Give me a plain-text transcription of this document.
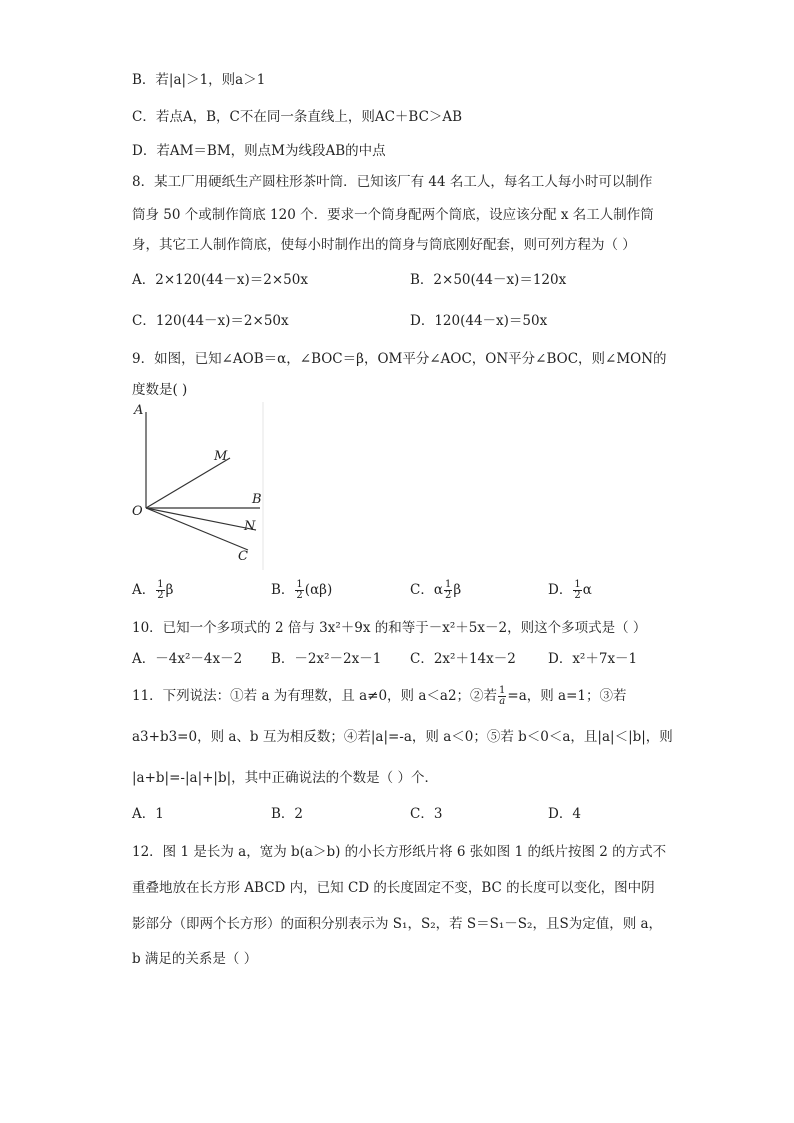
B．若|a|＞1，则a＞1
C．若点A，B，C不在同一条直线上，则AC＋BC＞AB
D．若AM＝BM，则点M为线段AB的中点
8．某工厂用硬纸生产圆柱形茶叶筒．已知该厂有 44 名工人，每名工人每小时可以制作
筒身 50 个或制作筒底 120 个．要求一个筒身配两个筒底，设应该分配 x 名工人制作筒
身，其它工人制作筒底，使每小时制作出的筒身与筒底刚好配套，则可列方程为（ ）
A．2×120(44－x)＝2×50x	B．2×50(44－x)＝120x
C．120(44－x)＝2×50x	D．120(44－x)＝50x
9．如图，已知∠AOB＝α，∠BOC＝β，OM平分∠AOC，ON平分∠BOC，则∠MON的
度数是( )
A
M
B
O
N
C
A． $\frac{1}{2}$ β	B． $\frac{1}{2} (\alpha\beta)$	C．α $\frac{1}{2}$ β	D． $\frac{1}{2}$ α
10．已知一个多项式的 2 倍与 3x²＋9x 的和等于－x²＋5x－2，则这个多项式是（ ）
A．－4x²－4x－2 B．－2x²－2x－1 C．2x²＋14x－2 D．x²＋7x－1
11．下列说法：①若 a 为有理数，且 a≠0，则 a＜a2；②若 $\frac{1}{a} =a$，则 a=1；③若
a3+b3=0，则 a、b 互为相反数；④若|a|=-a，则 a＜0；⑤若 b＜0＜a，且|a|＜|b|，则
|a+b|=-|a|+|b|，其中正确说法的个数是（ ）个．
A．1	B．2	C．3	D．4
12．图 1 是长为 a，宽为 b(a＞b) 的小长方形纸片将 6 张如图 1 的纸片按图 2 的方式不
重叠地放在长方形 ABCD 内，已知 CD 的长度固定不变，BC 的长度可以变化，图中阴
影部分（即两个长方形）的面积分别表示为 S₁，S₂，若 S＝S₁－S₂，且S为定值，则 a，
b 满足的关系是（ ）
